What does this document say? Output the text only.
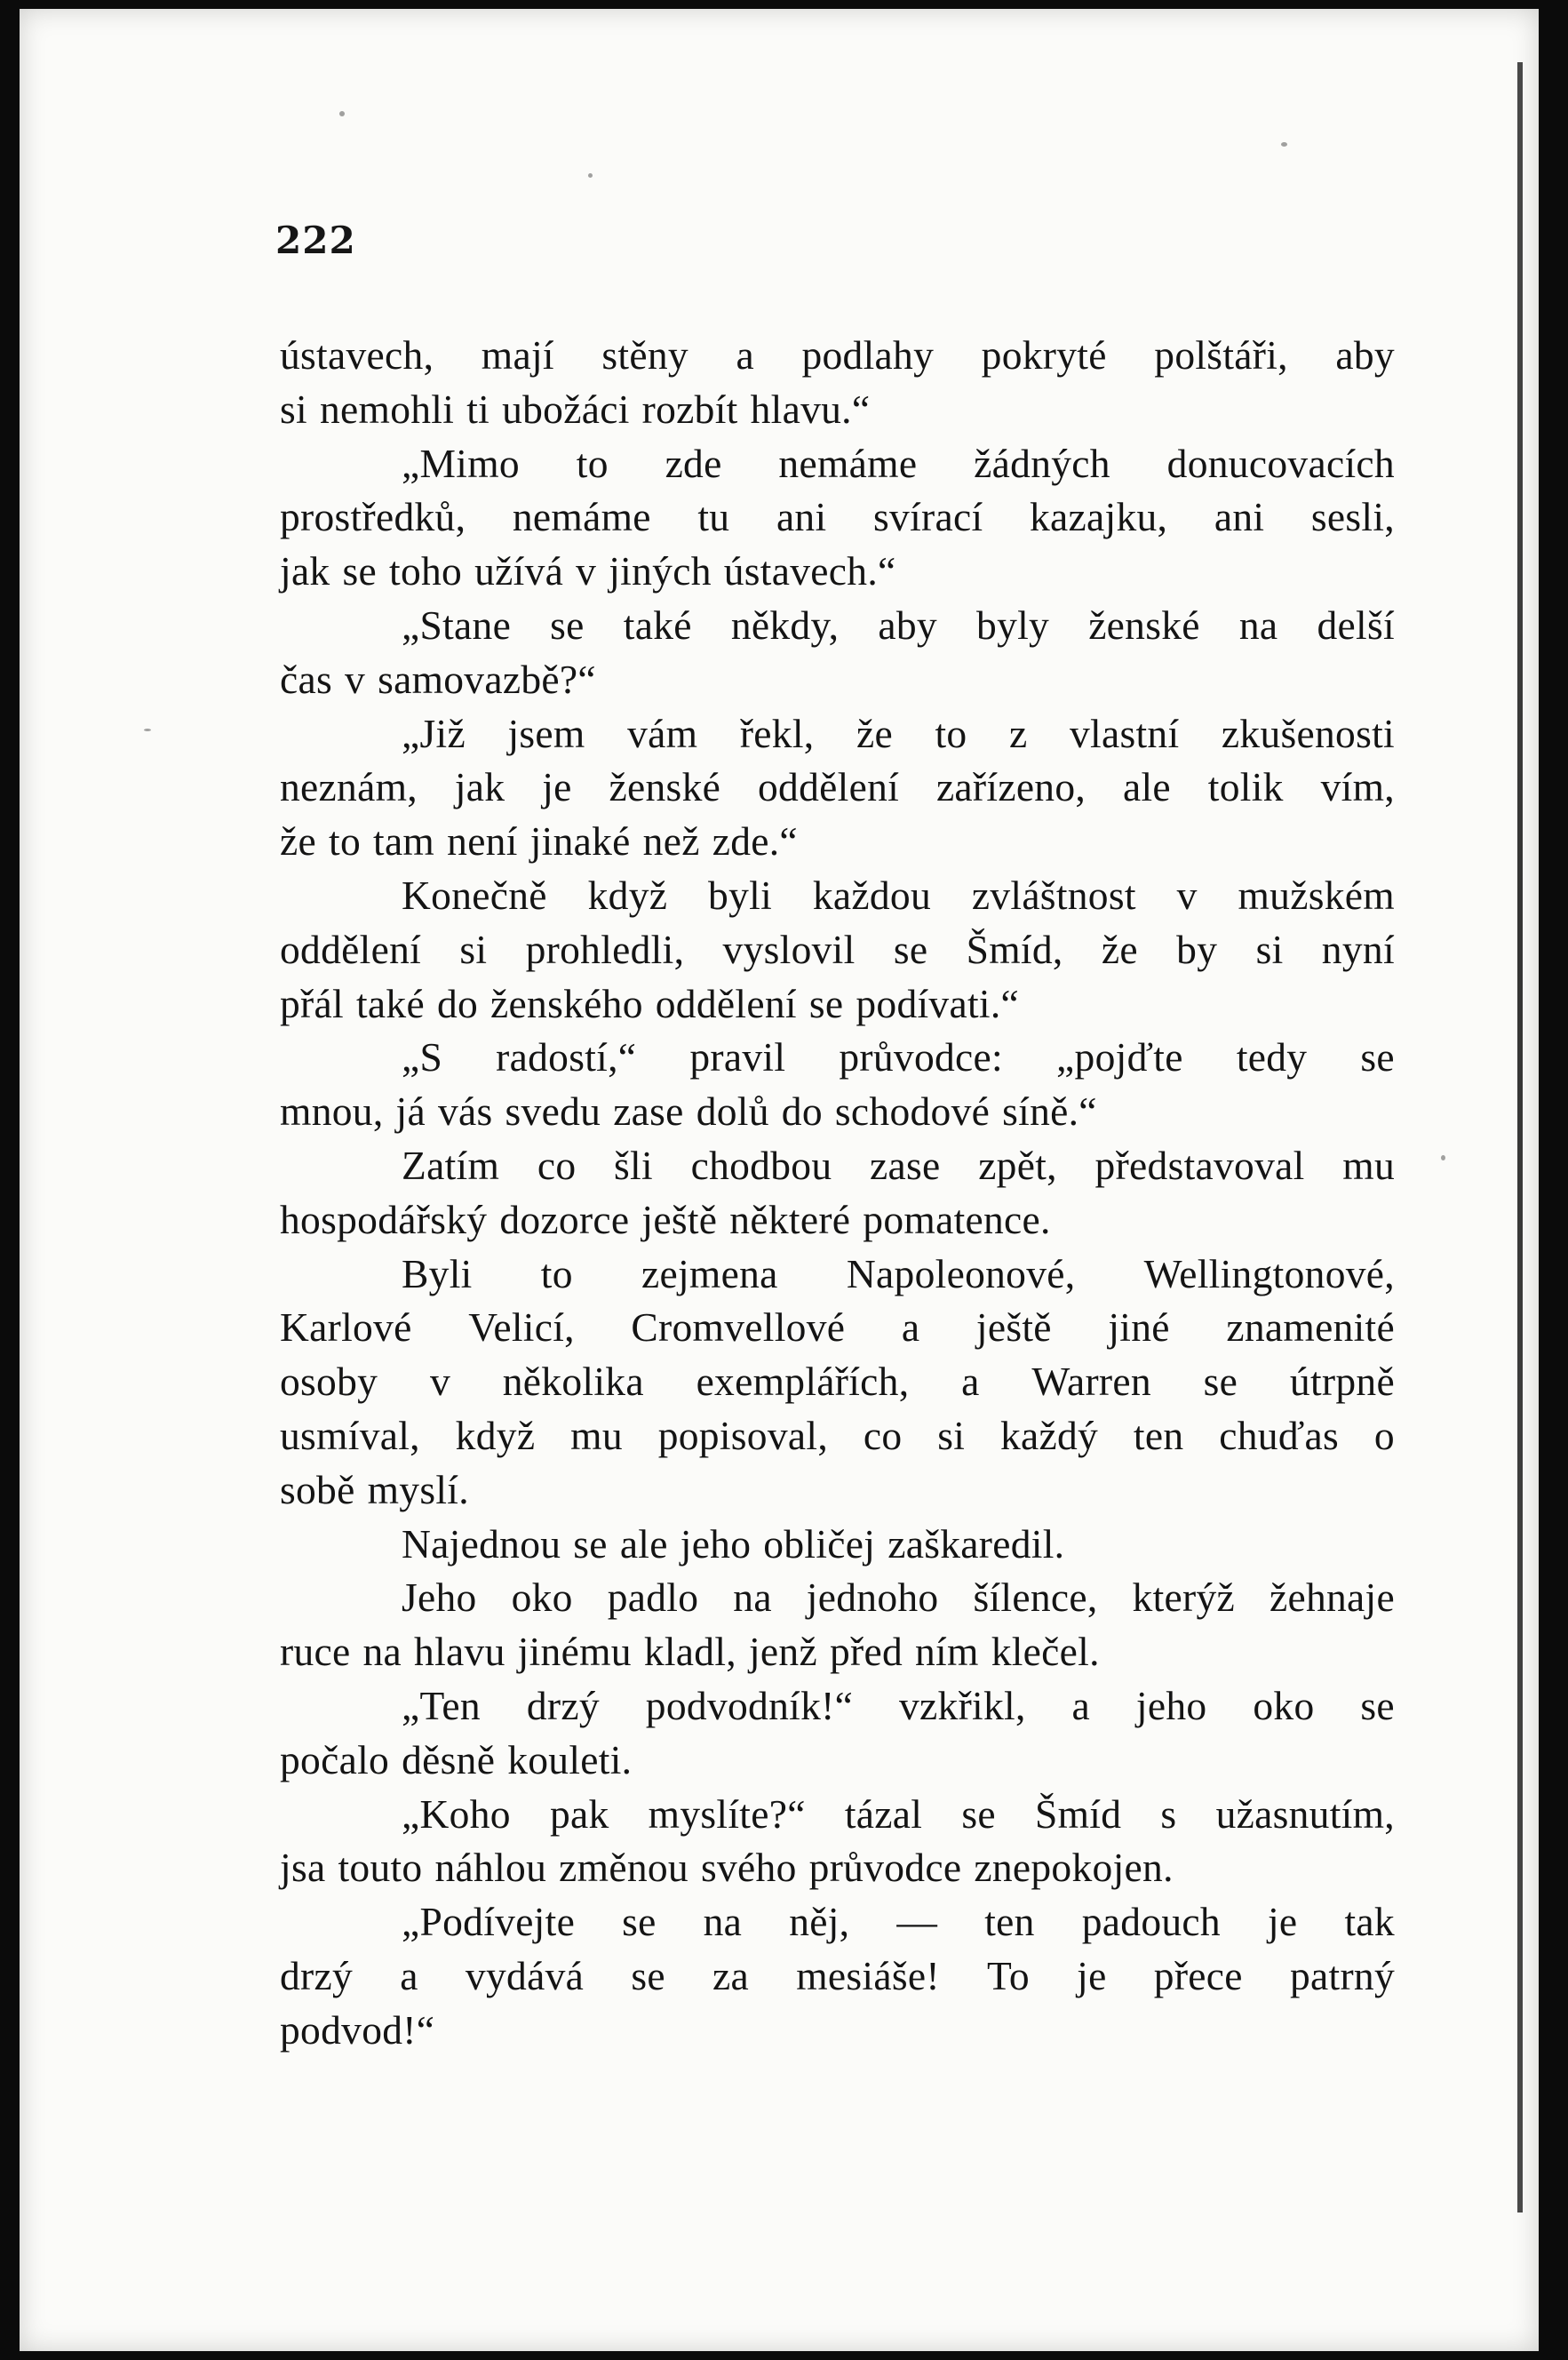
222
ústavech, mají stěny a podlahy pokryté polštáři, aby
si nemohli ti ubožáci rozbít hlavu.“
„Mimo to zde nemáme žádných donucovacích
prostředků, nemáme tu ani svírací kazajku, ani sesli,
jak se toho užívá v jiných ústavech.“
„Stane se také někdy, aby byly ženské na delší
čas v samovazbě?“
„Již jsem vám řekl, že to z vlastní zkušenosti
neznám, jak je ženské oddělení zařízeno, ale tolik vím,
že to tam není jinaké než zde.“
Konečně když byli každou zvláštnost v mužském
oddělení si prohledli, vyslovil se Šmíd, že by si nyní
přál také do ženského oddělení se podívati.“
„S radostí,“ pravil průvodce: „pojďte tedy se
mnou, já vás svedu zase dolů do schodové síně.“
Zatím co šli chodbou zase zpět, představoval mu
hospodářský dozorce ještě některé pomatence.
Byli to zejmena Napoleonové, Wellingtonové,
Karlové Velicí, Cromvellové a ještě jiné znamenité
osoby v několika exemplářích, a Warren se útrpně
usmíval, když mu popisoval, co si každý ten chuďas o
sobě myslí.
Najednou se ale jeho obličej zaškaredil.
Jeho oko padlo na jednoho šílence, kterýž žehnaje
ruce na hlavu jinému kladl, jenž před ním klečel.
„Ten drzý podvodník!“ vzkřikl, a jeho oko se
počalo děsně kouleti.
„Koho pak myslíte?“ tázal se Šmíd s užasnutím,
jsa touto náhlou změnou svého průvodce znepokojen.
„Podívejte se na něj, — ten padouch je tak
drzý a vydává se za mesiáše! To je přece patrný
podvod!“
